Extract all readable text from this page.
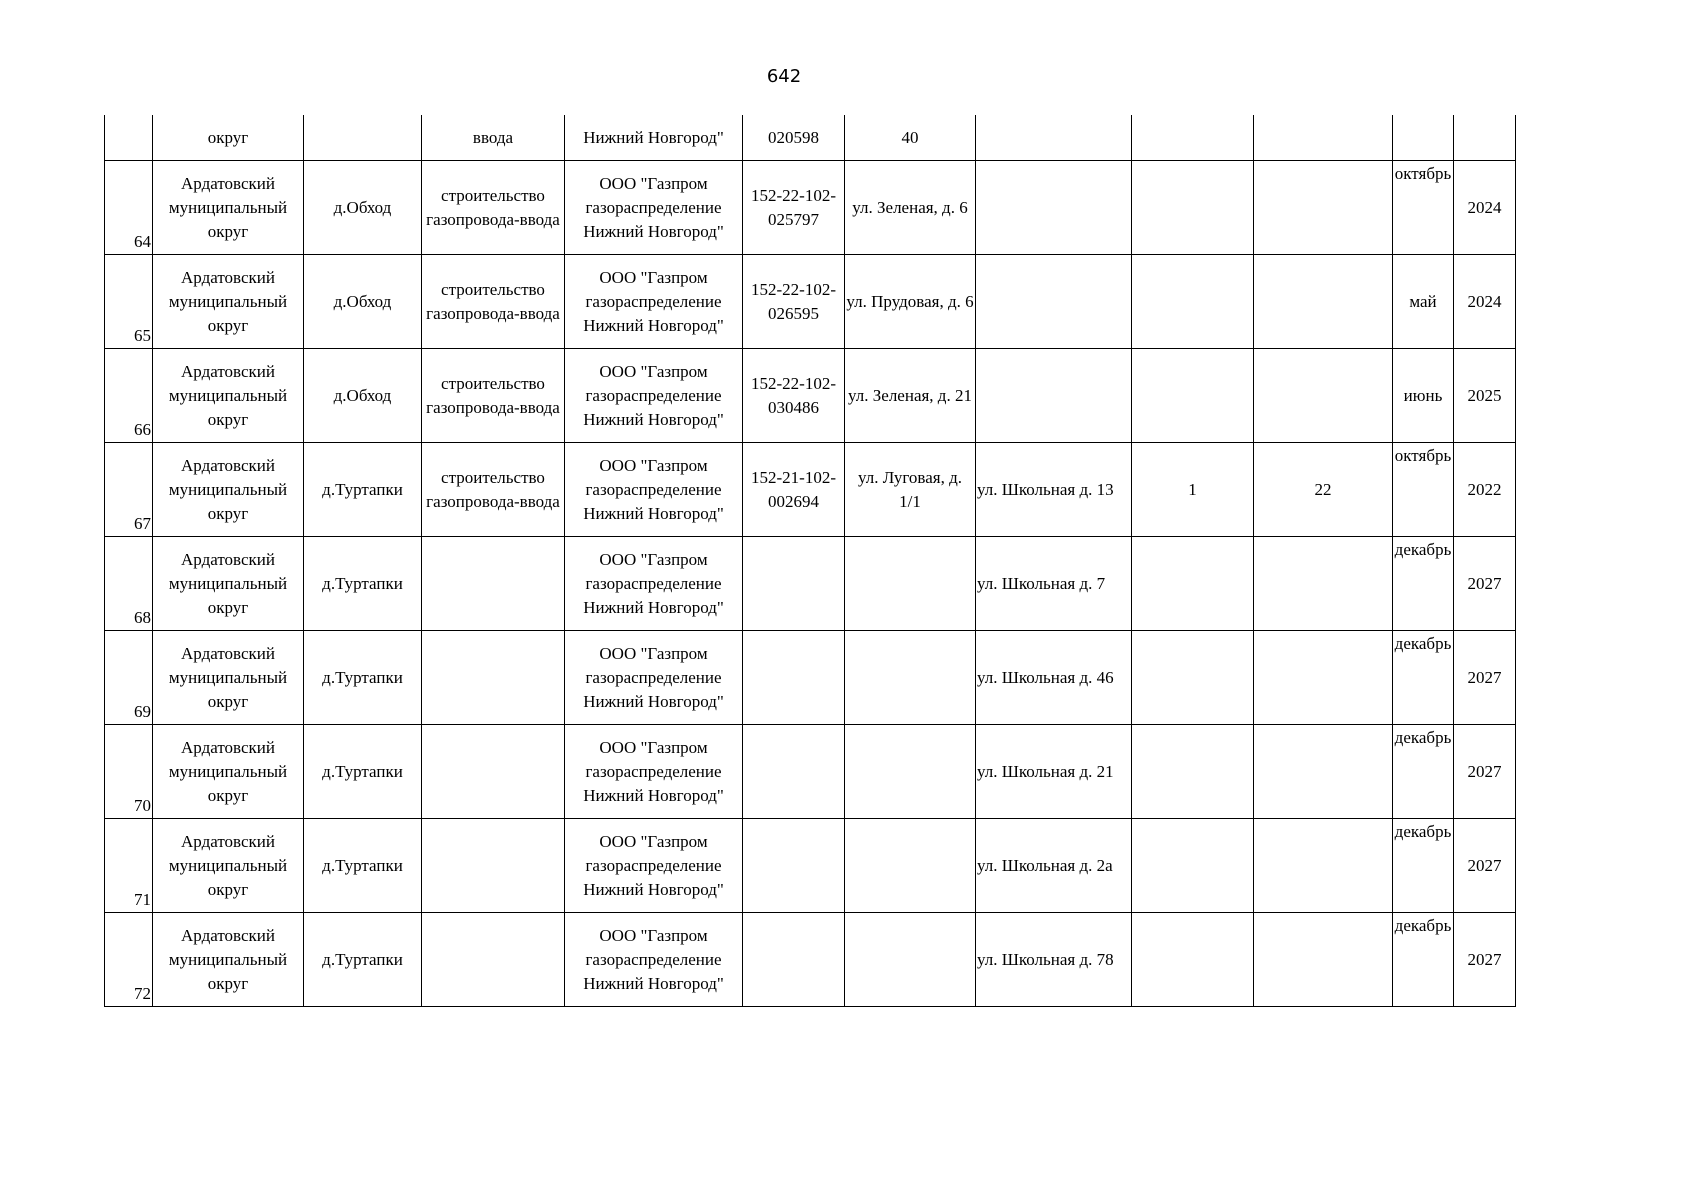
642
	округ		ввода	Нижний Новгород"	020598	40					
64	Ардатовский муниципальный округ	д.Обход	строительство газопровода-ввода	ООО "Газпром газораспределение Нижний Новгород"	152-22-102-025797	ул. Зеленая, д. 6				октябрь	2024
65	Ардатовский муниципальный округ	д.Обход	строительство газопровода-ввода	ООО "Газпром газораспределение Нижний Новгород"	152-22-102-026595	ул. Прудовая, д. 6				май	2024
66	Ардатовский муниципальный округ	д.Обход	строительство газопровода-ввода	ООО "Газпром газораспределение Нижний Новгород"	152-22-102-030486	ул. Зеленая, д. 21				июнь	2025
67	Ардатовский муниципальный округ	д.Туртапки	строительство газопровода-ввода	ООО "Газпром газораспределение Нижний Новгород"	152-21-102-002694	ул. Луговая, д. 1/1	ул. Школьная д. 13	1	22	октябрь	2022
68	Ардатовский муниципальный округ	д.Туртапки		ООО "Газпром газораспределение Нижний Новгород"			ул. Школьная д. 7			декабрь	2027
69	Ардатовский муниципальный округ	д.Туртапки		ООО "Газпром газораспределение Нижний Новгород"			ул. Школьная д. 46			декабрь	2027
70	Ардатовский муниципальный округ	д.Туртапки		ООО "Газпром газораспределение Нижний Новгород"			ул. Школьная д. 21			декабрь	2027
71	Ардатовский муниципальный округ	д.Туртапки		ООО "Газпром газораспределение Нижний Новгород"			ул. Школьная д. 2а			декабрь	2027
72	Ардатовский муниципальный округ	д.Туртапки		ООО "Газпром газораспределение Нижний Новгород"			ул. Школьная д. 78			декабрь	2027
